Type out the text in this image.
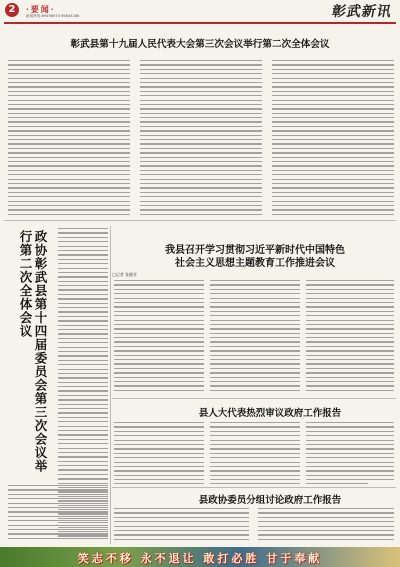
2	·要闻·
新闻热线:69498970 69843286	彰武新讯
彰武县第十九届人民代表大会第三次会议举行第二次全体会议
政协彰武县第十四届委员会第三次会议举行第二次全体会议	我县召开学习贯彻习近平新时代中国特色
社会主义思想主题教育工作推进会议
□记者 张晓芳
县人大代表热烈审议政府工作报告
县政协委员分组讨论政府工作报告
笑志不移 永不退让 敢打必胜 甘于奉献
